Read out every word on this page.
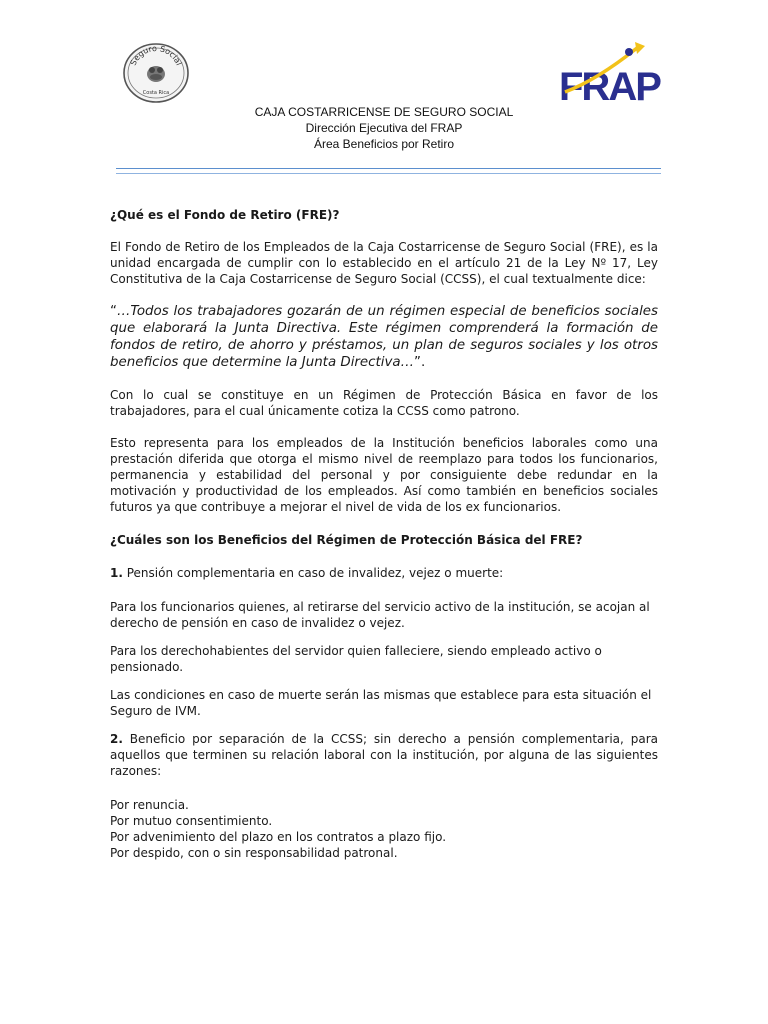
Seguro Social
Costa Rica	FRAP
CAJA COSTARRICENSE DE SEGURO SOCIAL
Dirección Ejecutiva del FRAP
Área Beneficios por Retiro

¿Qué es el Fondo de Retiro (FRE)?

El Fondo de Retiro de los Empleados de la Caja Costarricense de Seguro Social (FRE), es la unidad encargada de cumplir con lo establecido en el artículo 21 de la Ley Nº 17, Ley Constitutiva de la Caja Costarricense de Seguro Social (CCSS), el cual textualmente dice:

“…Todos los trabajadores gozarán de un régimen especial de beneficios sociales que elaborará la Junta Directiva. Este régimen comprenderá la formación de fondos de retiro, de ahorro y préstamos, un plan de seguros sociales y los otros beneficios que determine la Junta Directiva…”.

Con lo cual se constituye en un Régimen de Protección Básica en favor de los trabajadores, para el cual únicamente cotiza la CCSS como patrono.

Esto representa para los empleados de la Institución beneficios laborales como una prestación diferida que otorga el mismo nivel de reemplazo para todos los funcionarios, permanencia y estabilidad del personal y por consiguiente debe redundar en la motivación y productividad de los empleados. Así como también en beneficios sociales futuros ya que contribuye a mejorar el nivel de vida de los ex funcionarios.

¿Cuáles son los Beneficios del Régimen de Protección Básica del FRE?

1. Pensión complementaria en caso de invalidez, vejez o muerte:

Para los funcionarios quienes, al retirarse del servicio activo de la institución, se acojan al derecho de pensión en caso de invalidez o vejez.

Para los derechohabientes del servidor quien falleciere, siendo empleado activo o pensionado.

Las condiciones en caso de muerte serán las mismas que establece para esta situación el Seguro de IVM.

2. Beneficio por separación de la CCSS; sin derecho a pensión complementaria, para aquellos que terminen su relación laboral con la institución, por alguna de las siguientes razones:

Por renuncia.

Por mutuo consentimiento.

Por advenimiento del plazo en los contratos a plazo fijo.

Por despido, con o sin responsabilidad patronal.
